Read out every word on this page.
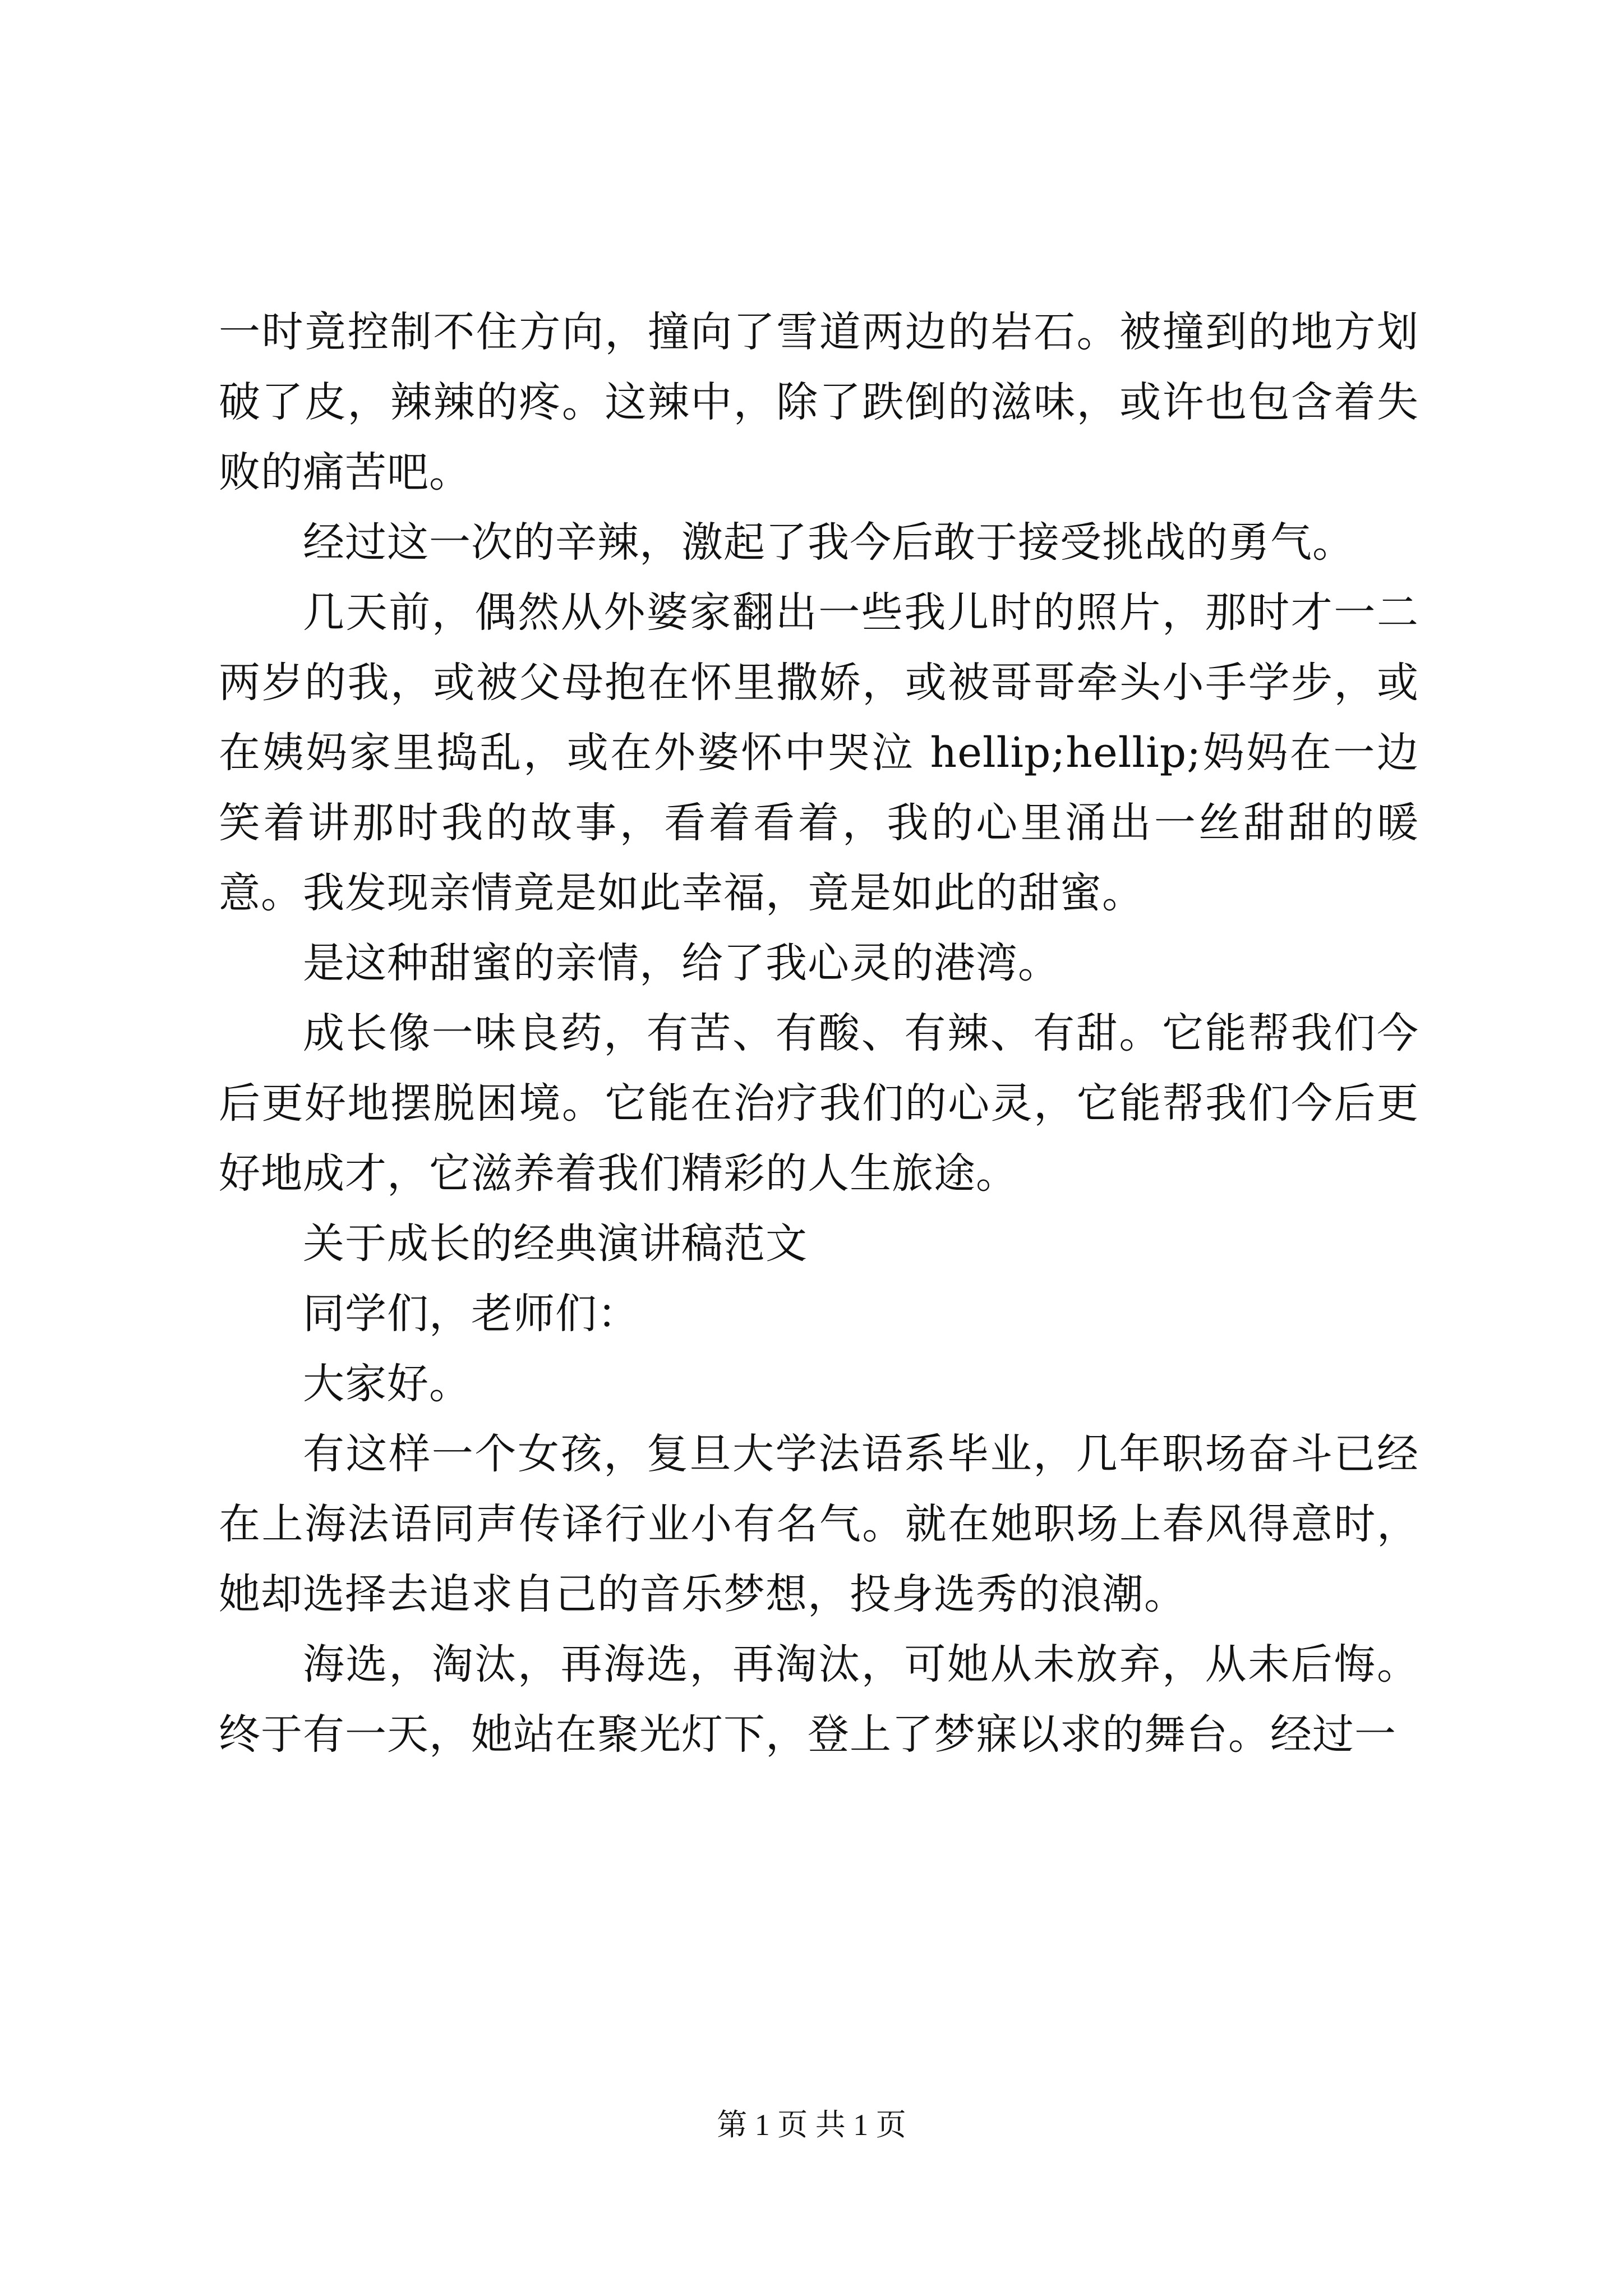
一时竟控制不住方向，撞向了雪道两边的岩石。被撞到的地方划破了皮，辣辣的疼。这辣中，除了跌倒的滋味，或许也包含着失败的痛苦吧。

经过这一次的辛辣，激起了我今后敢于接受挑战的勇气。

几天前，偶然从外婆家翻出一些我儿时的照片，那时才一二两岁的我，或被父母抱在怀里撒娇，或被哥哥牵头小手学步，或在姨妈家里捣乱，或在外婆怀中哭泣 hellip;hellip;妈妈在一边笑着讲那时我的故事，看着看着，我的心里涌出一丝甜甜的暖意。我发现亲情竟是如此幸福，竟是如此的甜蜜。

是这种甜蜜的亲情，给了我心灵的港湾。

成长像一味良药，有苦、有酸、有辣、有甜。它能帮我们今后更好地摆脱困境。它能在治疗我们的心灵，它能帮我们今后更好地成才，它滋养着我们精彩的人生旅途。

关于成长的经典演讲稿范文

同学们，老师们：

大家好。

有这样一个女孩，复旦大学法语系毕业，几年职场奋斗已经在上海法语同声传译行业小有名气。就在她职场上春风得意时，她却选择去追求自己的音乐梦想，投身选秀的浪潮。

海选，淘汰，再海选，再淘汰，可她从未放弃，从未后悔。终于有一天，她站在聚光灯下，登上了梦寐以求的舞台。经过一

第 1 页 共 1 页
